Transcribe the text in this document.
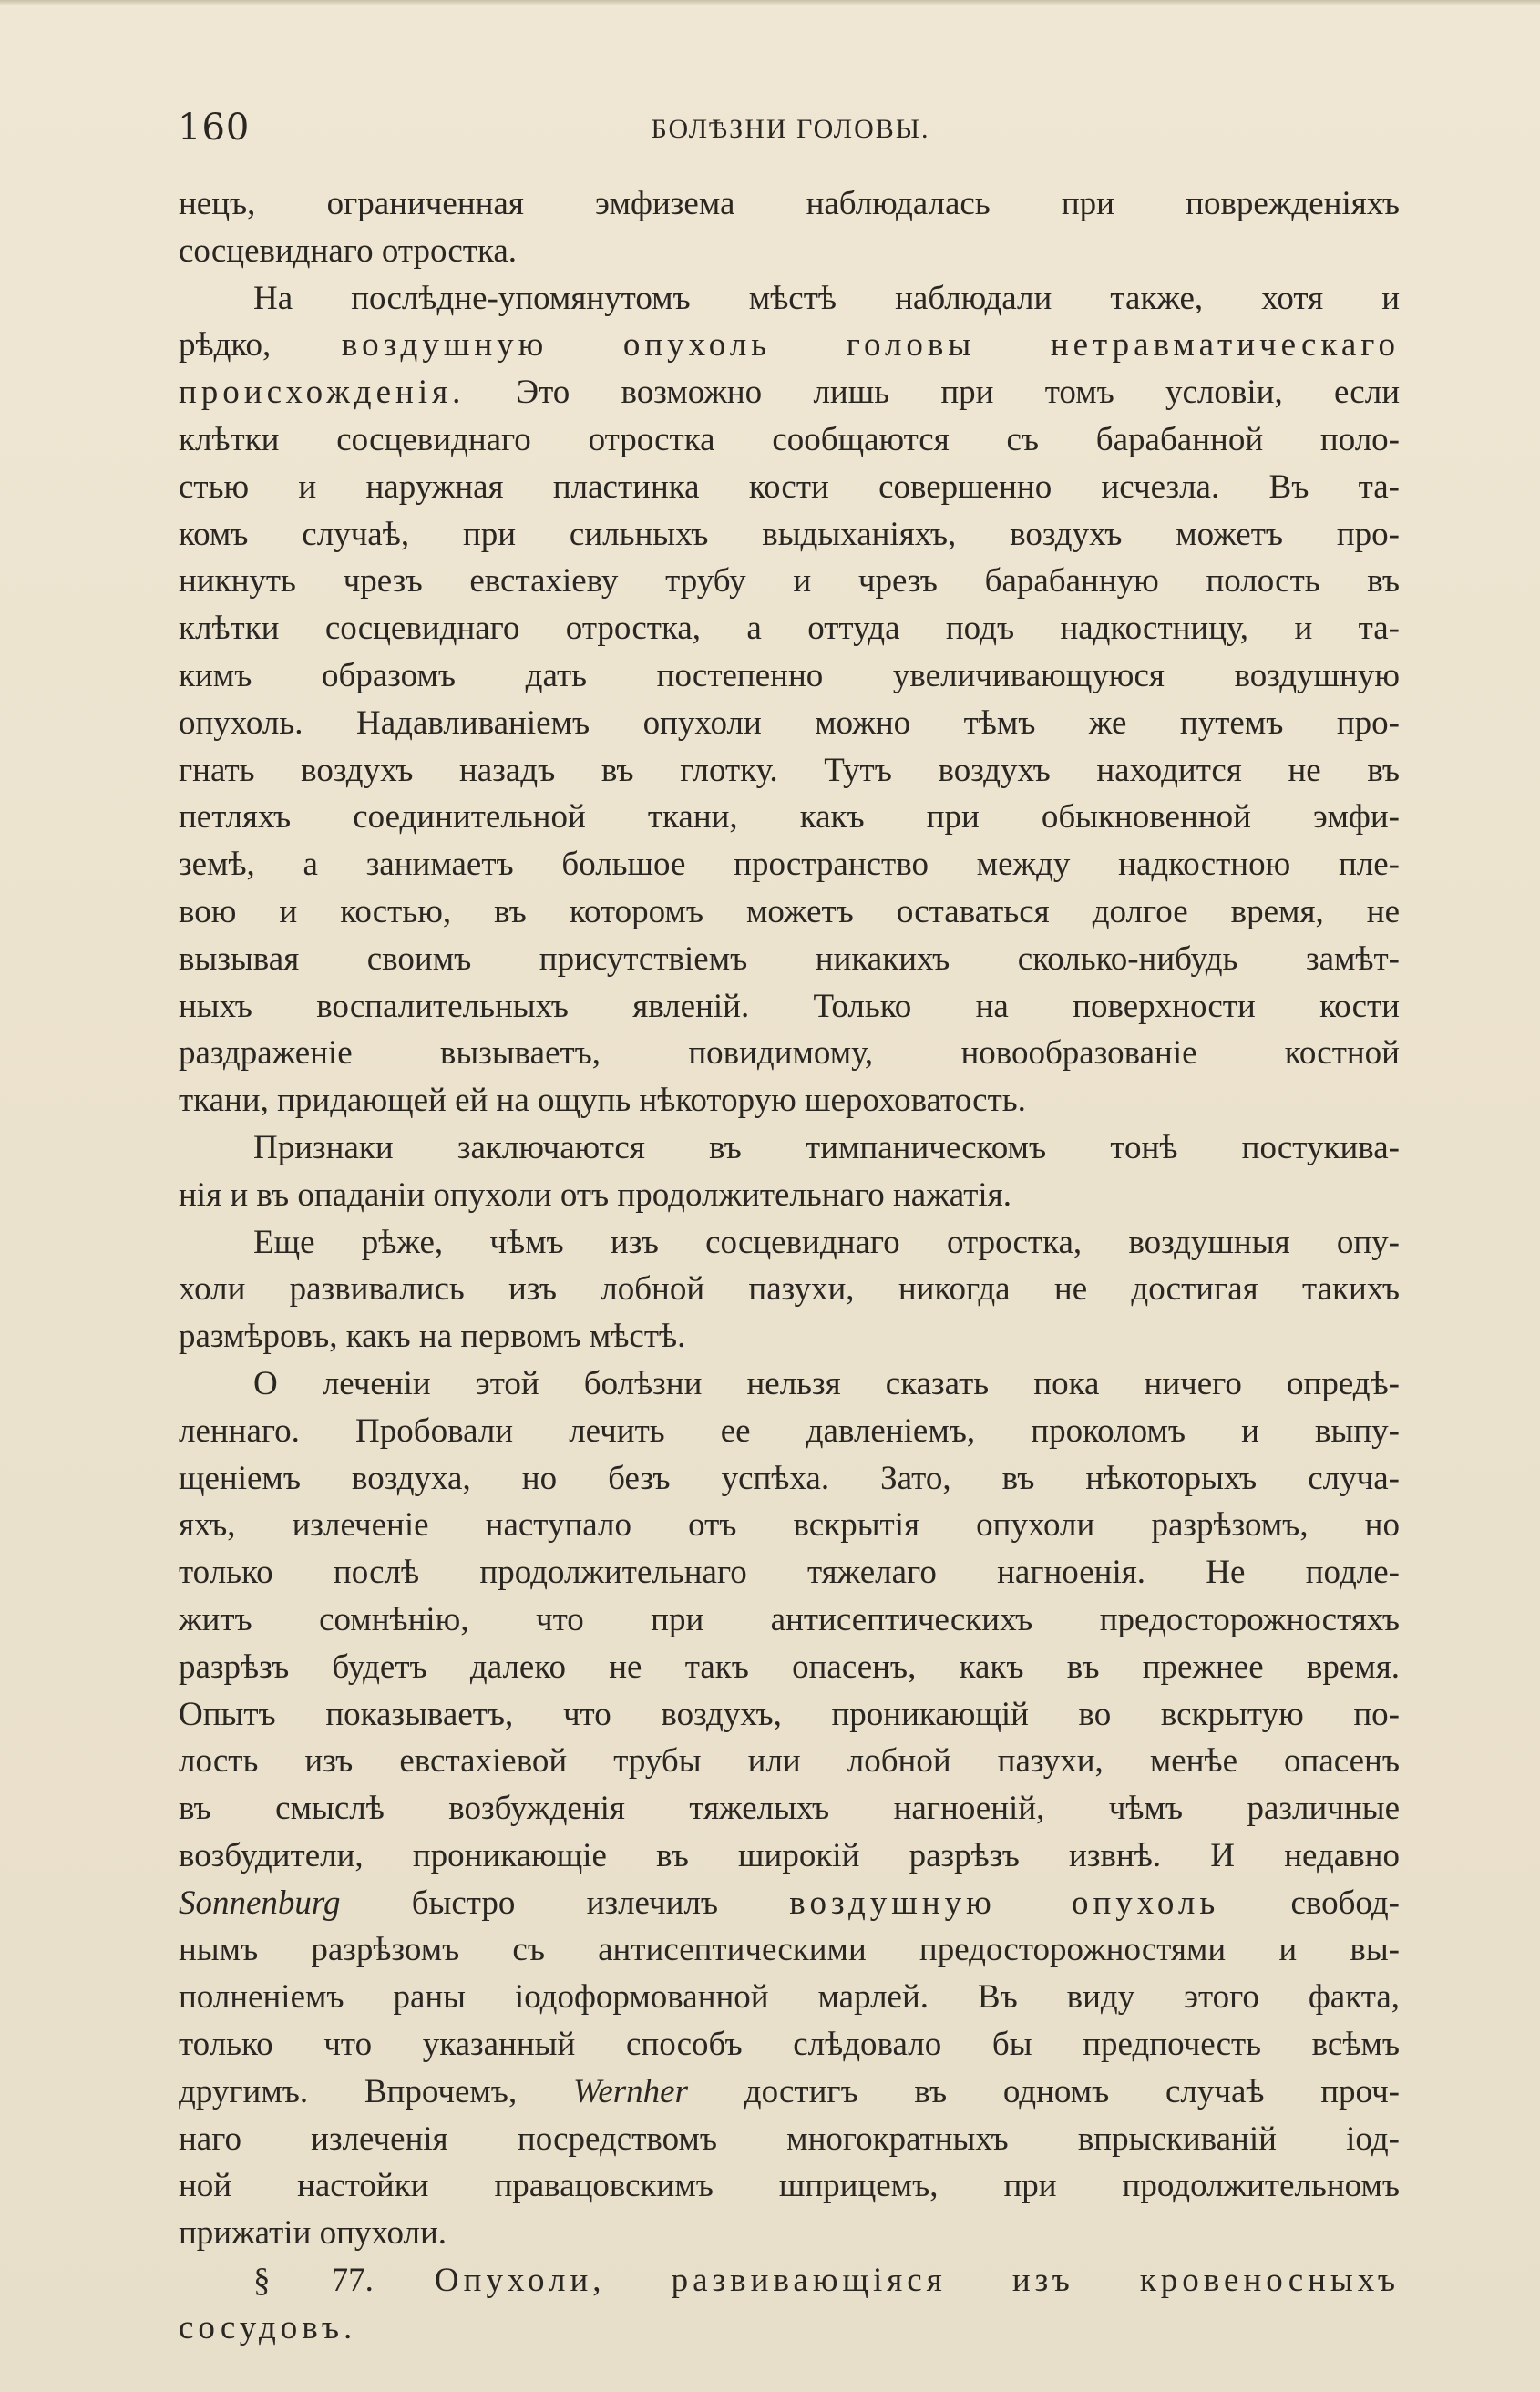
160	БОЛѢЗНИ ГОЛОВЫ.
нецъ, ограниченная эмфизема наблюдалась при поврежденіяхъ
сосцевиднаго отростка.
На послѣдне-упомянутомъ мѣстѣ наблюдали также, хотя и
рѣдко, воздушную опухоль головы нетравматическаго
происхожденія. Это возможно лишь при томъ условіи, если
клѣтки сосцевиднаго отростка сообщаются съ барабанной поло-
стью и наружная пластинка кости совершенно исчезла. Въ та-
комъ случаѣ, при сильныхъ выдыханіяхъ, воздухъ можетъ про-
никнуть чрезъ евстахіеву трубу и чрезъ барабанную полость въ
клѣтки сосцевиднаго отростка, а оттуда подъ надкостницу, и та-
кимъ образомъ дать постепенно увеличивающуюся воздушную
опухоль. Надавливаніемъ опухоли можно тѣмъ же путемъ про-
гнать воздухъ назадъ въ глотку. Тутъ воздухъ находится не въ
петляхъ соединительной ткани, какъ при обыкновенной эмфи-
земѣ, а занимаетъ большое пространство между надкостною пле-
вою и костью, въ которомъ можетъ оставаться долгое время, не
вызывая своимъ присутствіемъ никакихъ сколько-нибудь замѣт-
ныхъ воспалительныхъ явленій. Только на поверхности кости
раздраженіе вызываетъ, повидимому, новообразованіе костной
ткани, придающей ей на ощупь нѣкоторую шероховатость.
Признаки заключаются въ тимпаническомъ тонѣ постукива-
нія и въ опаданіи опухоли отъ продолжительнаго нажатія.
Еще рѣже, чѣмъ изъ сосцевиднаго отростка, воздушныя опу-
холи развивались изъ лобной пазухи, никогда не достигая такихъ
размѣровъ, какъ на первомъ мѣстѣ.
О леченіи этой болѣзни нельзя сказать пока ничего опредѣ-
леннаго. Пробовали лечить ее давленіемъ, проколомъ и выпу-
щеніемъ воздуха, но безъ успѣха. Зато, въ нѣкоторыхъ случа-
яхъ, излеченіе наступало отъ вскрытія опухоли разрѣзомъ, но
только послѣ продолжительнаго тяжелаго нагноенія. Не подле-
житъ сомнѣнію, что при антисептическихъ предосторожностяхъ
разрѣзъ будетъ далеко не такъ опасенъ, какъ въ прежнее время.
Опытъ показываетъ, что воздухъ, проникающій во вскрытую по-
лость изъ евстахіевой трубы или лобной пазухи, менѣе опасенъ
въ смыслѣ возбужденія тяжелыхъ нагноеній, чѣмъ различные
возбудители, проникающіе въ широкій разрѣзъ извнѣ. И недавно
Sonnenburg быстро излечилъ воздушную опухоль свобод-
нымъ разрѣзомъ съ антисептическими предосторожностями и вы-
полненіемъ раны іодоформованной марлей. Въ виду этого факта,
только что указанный способъ слѣдовало бы предпочесть всѣмъ
другимъ. Впрочемъ, Wernher достигъ въ одномъ случаѣ проч-
наго излеченія посредствомъ многократныхъ впрыскиваній іод-
ной настойки правацовскимъ шприцемъ, при продолжительномъ
прижатіи опухоли.
§ 77. Опухоли, развивающіяся изъ кровеносныхъ
сосудовъ.
